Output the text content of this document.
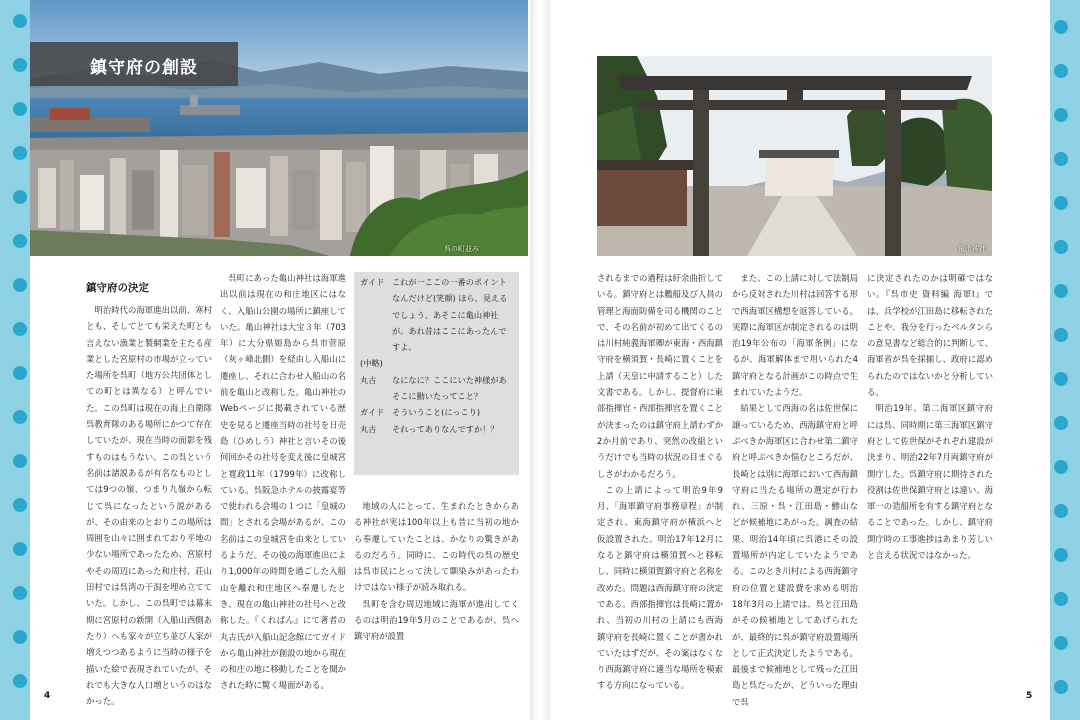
鎮守府の創設
呉の町並み
鎮守府の決定

明治時代の海軍進出以前、寒村とも、そしてとても栄えた町とも言えない漁業と製網業を主たる産業とした宮原村の市場が立っていた場所を呉町（地方公共団体としての町とは異なる）と呼んでいた。この呉町は現在の海上自衛隊呉教育隊のある場所にかつて存在していたが、現在当時の面影を残すものはもうない。この呉という名前は諸説あるが有名なものとしては9つの嶺、つまり九嶺から転じて呉になったという説があるが、その由来のとおりこの場所は周囲を山々に囲まれており平地の少ない場所であったため、宮原村やその周辺にあった和庄村、荘山田村では呉湾の干潟を埋め立てていた。しかし、この呉町では幕末期に宮原村の新開（入船山西側あたり）へも家々が立ち並び人家が増えつつあるように当時の様子を描いた絵で表現されていたが、それでも大きな人口増というのはなかった。

呉町にあった亀山神社は海軍進出以前は現在の和庄地区にはなく、入船山公園の場所に鎮座していた。亀山神社は大宝３年（703年）に大分県姫島から呉市菅原（灰ヶ峰北側）を経由し入船山に遷座し、それに合わせ入船山の名前を亀山と改称した。亀山神社のWebページに掲載されている歴史を見ると遷座当時の社号を日売島（ひめしう）神社と言いその後何回かその社号を変え後に皇城宮と寛政11年（1799年）に改称している。呉阪急ホテルの披露宴等で使われる会場の１つに「皇城の間」とされる会場があるが、この名前はこの皇城宮を由来としているようだ。その後の海軍進出により1,000年の時間を過ごした入船山を離れ和庄地区へ奉遷したとき、現在の亀山神社の社号へと改称した。『くれぱん』にて著者の丸古氏が入船山記念館にてガイドから亀山神社が創設の地から現在の和庄の地に移動したことを聞かされた時に驚く場面がある。

ガイド これが一ここの一番のポイントなんだけど(笑顔) ほら、見えるでしょう、あそこに亀山神社が。あれ昔はここにあったんですよ。
(中略)
丸古	なになに？ここにいた神様があそこに動いたってこと？
ガイド そういうこと(にっこり)
丸古	それってありなんですか！？

地域の人にとって、生まれたときからある神社が実は100年以上も昔に当初の地から奉遷していたことは、かなりの驚きがあるのだろう。同時に、この時代の呉の歴史は呉市民にとって決して馴染みがあったわけではない様子が読み取れる。

呉町を含む周辺地域に海軍が進出してくるのは明治19年5月のことであるが、呉へ鎮守府が設置

4
亀山神社

されるまでの過程は紆余曲折している。鎮守府とは艦船及び人員の管理と海面防備を司る機関のことで、その名前が初めて出てくるのは川村純義海軍卿が東海・西海鎮守府を横須賀・長崎に置くことを上請（天皇に申請すること）した文書である。しかし、提督府に東部指揮官・西部指揮官を置くことが決まったのは鎮守府上請わずか2か月前であり、突然の改組というだけでも当時の状況の目まぐるしさがわかるだろう。

この上請によって明治9年9月、「海軍鎮守府事務章程」が制定され、東海鎮守府が横浜へと仮設置された。明治17年12月になると鎮守府は横須賀へと移転し、同時に横須賀鎮守府と名称を改めた。問題は西海鎮守府の決定である。西部指揮官は長崎に置かれ、当初の川村の上請にも西海鎮守府を長崎に置くことが書かれていたはずだが、その案はなくなり西海鎮守府に適当な場所を模索する方向になっている。

また、この上請に対して法制局から反対された川村は回答する形で西海軍区構想を返答している。実際に海軍区が制定されるのは明治19年公布の「海軍条例」になるが、海軍解体まで用いられた4鎮守府となる計画がこの時点で生まれていたようだ。

結果として西海の名は佐世保に譲っているため、西海鎮守府と呼ぶべきか海軍区に合わせ第二鎮守府と呼ぶべきか悩むところだが、長崎とは別に海軍において西海鎮守府に当たる場所の選定が行われ、三原・呉・江田島・鯵山などが候補地にあがった。調査の結果、明治14年頃に呉港にその設置場所が内定していたようである。このとき川村による西海鎮守府の位置と建設費を求める明治18年3月の上請では、呉と江田島がその候補地としてあげられたが、最終的に呉が鎮守府設置場所として正式決定したようである。最後まで候補地として残った江田島と呉だったが、どういった理由で呉

に決定されたのかは明確ではない。『呉市史 資料編 海軍Ⅰ』では、兵学校が江田島に移転されたことや、我分を行ったベルタンらの意見書など総合的に判断して、海軍省が呉を採揃し、政府に認められたのではないかと分析している。

明治19年、第二海軍区鎮守府には呉、同時期に第三海軍区鎮守府として佐世保がそれぞれ建設が決まり、明治22年7月両鎮守府が開庁した。呉鎮守府に期待された役割は佐世保鎮守府とは違い、海軍一の造船所を有する鎮守府となることであった。しかし、鎮守府開庁時の工事進捗はあまり芳しいと言える状況ではなかった。

5
